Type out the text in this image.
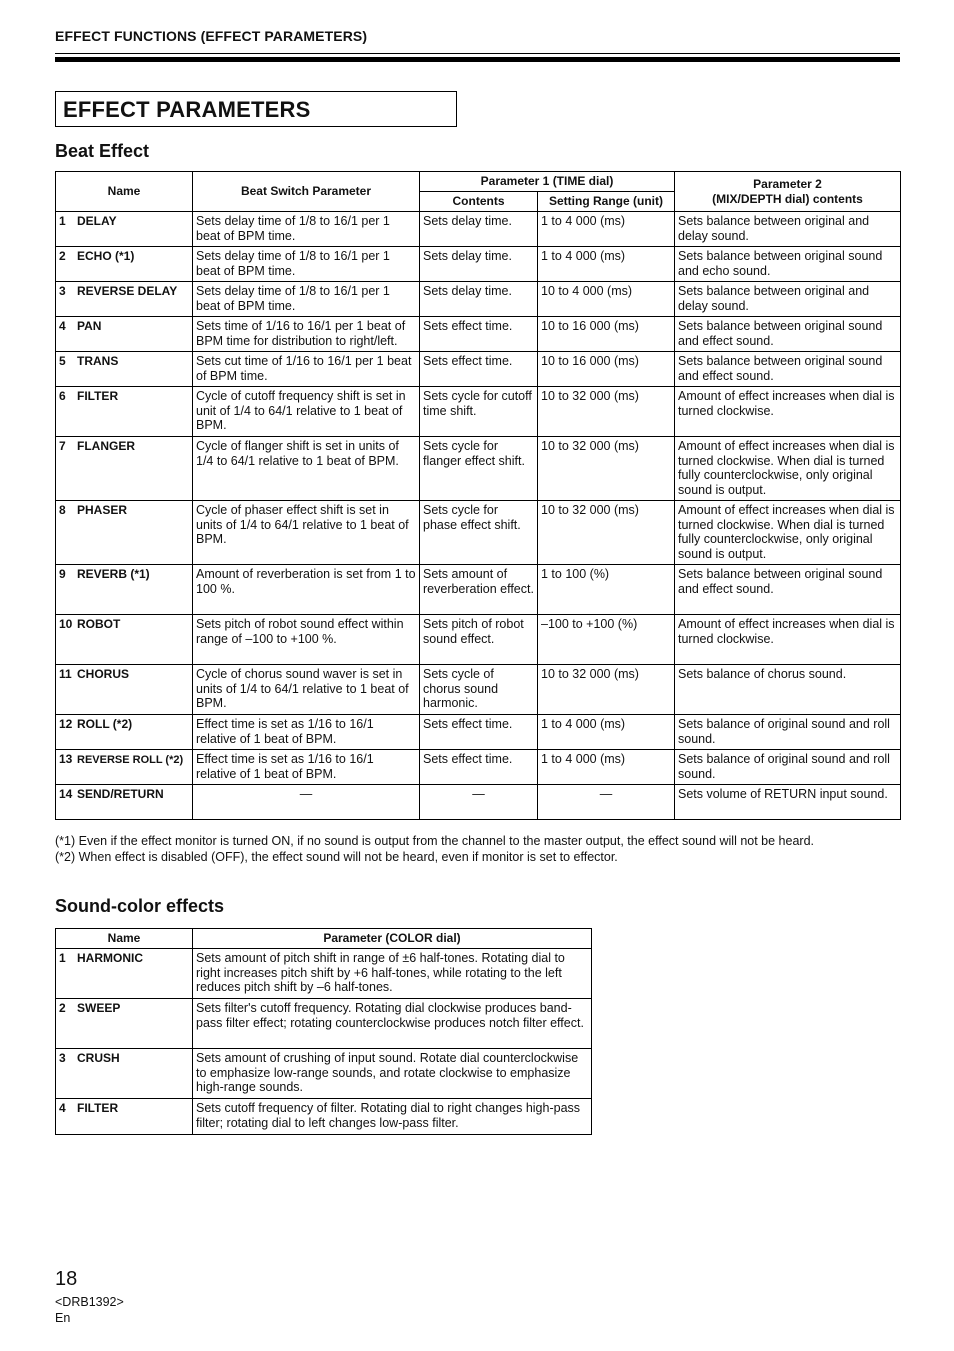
EFFECT FUNCTIONS (EFFECT PARAMETERS)
EFFECT PARAMETERS
Beat Effect
Name	Beat Switch Parameter	Parameter 1 (TIME dial)		Parameter 2
(MIX/DEPTH dial) contents
		Contents	Setting Range (unit)	
1 DELAY	Sets delay time of 1/8 to 16/1 per 1 beat of BPM time.	Sets delay time.	1 to 4 000 (ms)	Sets balance between original and delay sound.
2 ECHO (*1)	Sets delay time of 1/8 to 16/1 per 1 beat of BPM time.	Sets delay time.	1 to 4 000 (ms)	Sets balance between original sound and echo sound.
3 REVERSE DELAY	Sets delay time of 1/8 to 16/1 per 1 beat of BPM time.	Sets delay time.	10 to 4 000 (ms)	Sets balance between original and delay sound.
4 PAN	Sets time of 1/16 to 16/1 per 1 beat of BPM time for distribution to right/left.	Sets effect time.	10 to 16 000 (ms)	Sets balance between original sound and effect sound.
5 TRANS	Sets cut time of 1/16 to 16/1 per 1 beat of BPM time.	Sets effect time.	10 to 16 000 (ms)	Sets balance between original sound and effect sound.
6 FILTER	Cycle of cutoff frequency shift is set in unit of 1/4 to 64/1 relative to 1 beat of BPM.	Sets cycle for cutoff time shift.	10 to 32 000 (ms)	Amount of effect increases when dial is turned clockwise.
7 FLANGER	Cycle of flanger shift is set in units of 1/4 to 64/1 relative to 1 beat of BPM.	Sets cycle for flanger effect shift.	10 to 32 000 (ms)	Amount of effect increases when dial is turned clockwise. When dial is turned fully counterclockwise, only original sound is output.
8 PHASER	Cycle of phaser effect shift is set in units of 1/4 to 64/1 relative to 1 beat of BPM.	Sets cycle for phase effect shift.	10 to 32 000 (ms)	Amount of effect increases when dial is turned clockwise. When dial is turned fully counterclockwise, only original sound is output.
9 REVERB (*1)	Amount of reverberation is set from 1 to 100 %.	Sets amount of reverberation effect.	1 to 100 (%)	Sets balance between original sound and effect sound.
10 ROBOT	Sets pitch of robot sound effect within range of –100 to +100 %.	Sets pitch of robot sound effect.	–100 to +100 (%)	Amount of effect increases when dial is turned clockwise.
11 CHORUS	Cycle of chorus sound waver is set in units of 1/4 to 64/1 relative to 1 beat of BPM.	Sets cycle of chorus sound harmonic.	10 to 32 000 (ms)	Sets balance of chorus sound.
12 ROLL (*2)	Effect time is set as 1/16 to 16/1 relative of 1 beat of BPM.	Sets effect time.	1 to 4 000 (ms)	Sets balance of original sound and roll sound.
13 REVERSE ROLL (*2)	Effect time is set as 1/16 to 16/1 relative of 1 beat of BPM.	Sets effect time.	1 to 4 000 (ms)	Sets balance of original sound and roll sound.
14 SEND/RETURN	—	—	—	Sets volume of RETURN input sound.
(*1) Even if the effect monitor is turned ON, if no sound is output from the channel to the master output, the effect sound will not be heard.
(*2) When effect is disabled (OFF), the effect sound will not be heard, even if monitor is set to effector.
Sound-color effects
Name	Parameter (COLOR dial)
1 HARMONIC	Sets amount of pitch shift in range of ±6 half-tones. Rotating dial to right increases pitch shift by +6 half-tones, while rotating to the left reduces pitch shift by –6 half-tones.
2 SWEEP	Sets filter's cutoff frequency. Rotating dial clockwise produces band-pass filter effect; rotating counterclockwise produces notch filter effect.
3 CRUSH	Sets amount of crushing of input sound. Rotate dial counterclockwise to emphasize low-range sounds, and rotate clockwise to emphasize high-range sounds.
4 FILTER	Sets cutoff frequency of filter. Rotating dial to right changes high-pass filter; rotating dial to left changes low-pass filter.
18
<DRB1392>
En
